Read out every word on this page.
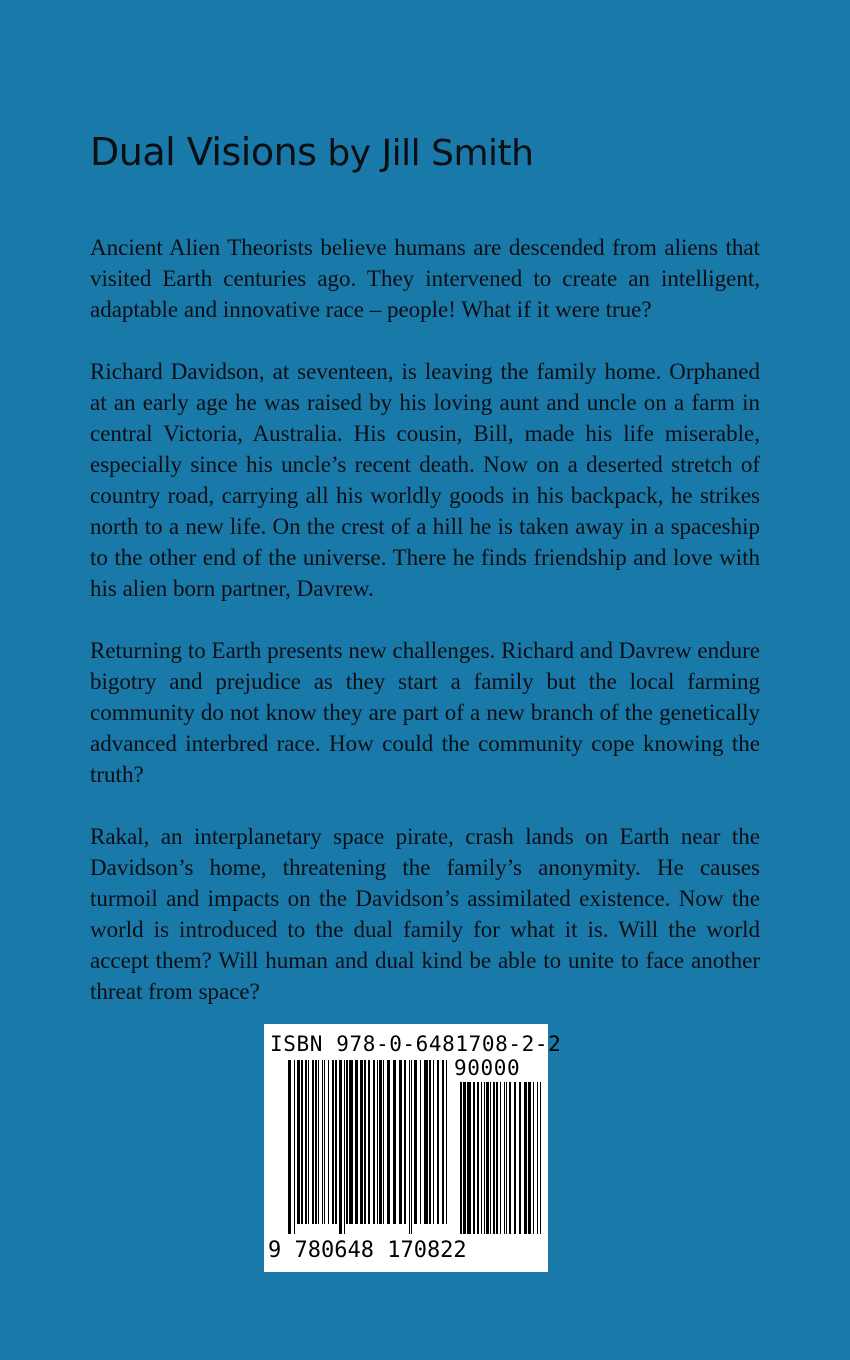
Dual Visions by Jill Smith

Ancient Alien Theorists believe humans are descended from aliens that visited Earth centuries ago. They intervened to create an intelligent, adaptable and innovative race – people! What if it were true?

Richard Davidson, at seventeen, is leaving the family home. Orphaned at an early age he was raised by his loving aunt and uncle on a farm in central Victoria, Australia. His cousin, Bill, made his life miserable, especially since his uncle’s recent death. Now on a deserted stretch of country road, carrying all his worldly goods in his backpack, he strikes north to a new life. On the crest of a hill he is taken away in a spaceship to the other end of the universe. There he finds friendship and love with his alien born partner, Davrew.

Returning to Earth presents new challenges. Richard and Davrew endure bigotry and prejudice as they start a family but the local farming community do not know they are part of a new branch of the genetically advanced interbred race. How could the community cope knowing the truth?

Rakal, an interplanetary space pirate, crash lands on Earth near the Davidson’s home, threatening the family’s anonymity. He causes turmoil and impacts on the Davidson’s assimilated existence. Now the world is introduced to the dual family for what it is. Will the world accept them? Will human and dual kind be able to unite to face another threat from space?

ISBN 978-0-6481708-2-2
90000
9 780648 170822
